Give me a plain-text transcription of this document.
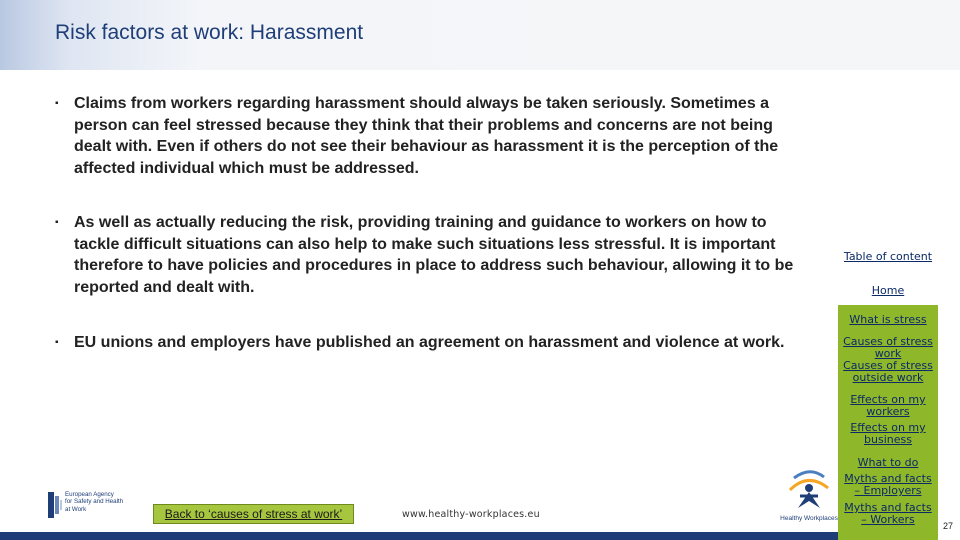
Risk factors at work: Harassment
▪ Claims from workers regarding harassment should always be taken seriously. Sometimes a person can feel stressed because they think that their problems and concerns are not being dealt with. Even if others do not see their behaviour as harassment it is the perception of the affected individual which must be addressed.
▪ As well as actually reducing the risk, providing training and guidance to workers on how to tackle difficult situations can also help to make such situations less stressful. It is important therefore to have policies and procedures in place to address such behaviour, allowing it to be reported and dealt with.
▪ EU unions and employers have published an agreement on harassment and violence at work.
Table of content
Home
What is stress
Causes of stress work
Causes of stress outside work
Effects on my workers
Effects on my business
What to do
Myths and facts – Employers
Myths and facts – Workers
European Agency
for Safety and Health
at Work	Back to ‘causes of stress at work’	www.healthy-workplaces.eu	Healthy Workplaces
27
